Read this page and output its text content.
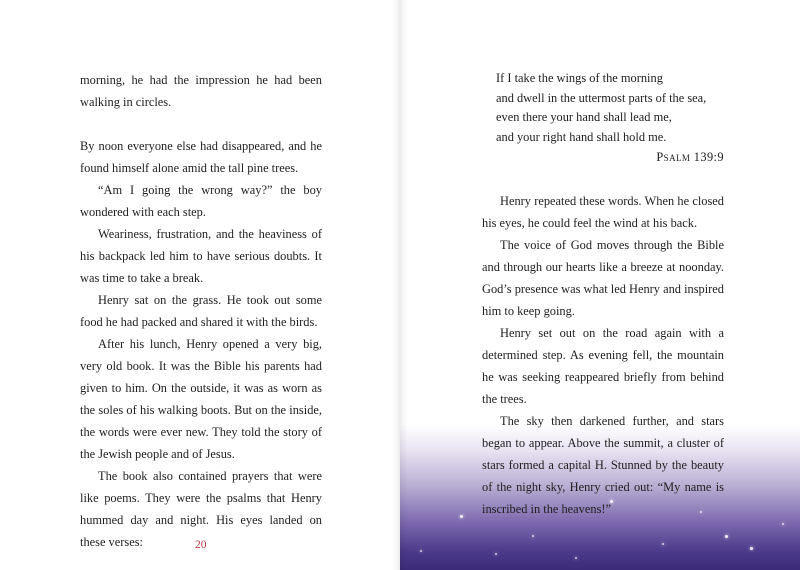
morning, he had the impression he had been walking in circles.

By noon everyone else had disappeared, and he found himself alone amid the tall pine trees.

“Am I going the wrong way?” the boy wondered with each step.

Weariness, frustration, and the heaviness of his backpack led him to have serious doubts. It was time to take a break.

Henry sat on the grass. He took out some food he had packed and shared it with the birds.

After his lunch, Henry opened a very big, very old book. It was the Bible his parents had given to him. On the outside, it was as worn as the soles of his walking boots. But on the inside, the words were ever new. They told the story of the Jewish people and of Jesus.

The book also contained prayers that were like poems. They were the psalms that Henry hummed day and night. His eyes landed on these verses:	20
If I take the wings of the morning
and dwell in the uttermost parts of the sea,
even there your hand shall lead me,
and your right hand shall hold me.
Psalm 139:9

Henry repeated these words. When he closed his eyes, he could feel the wind at his back.

The voice of God moves through the Bible and through our hearts like a breeze at noonday. God’s presence was what led Henry and inspired him to keep going.

Henry set out on the road again with a determined step. As evening fell, the mountain he was seeking reappeared briefly from behind the trees.

The sky then darkened further, and stars began to appear. Above the summit, a cluster of stars formed a capital H. Stunned by the beauty of the night sky, Henry cried out: “My name is inscribed in the heavens!”
